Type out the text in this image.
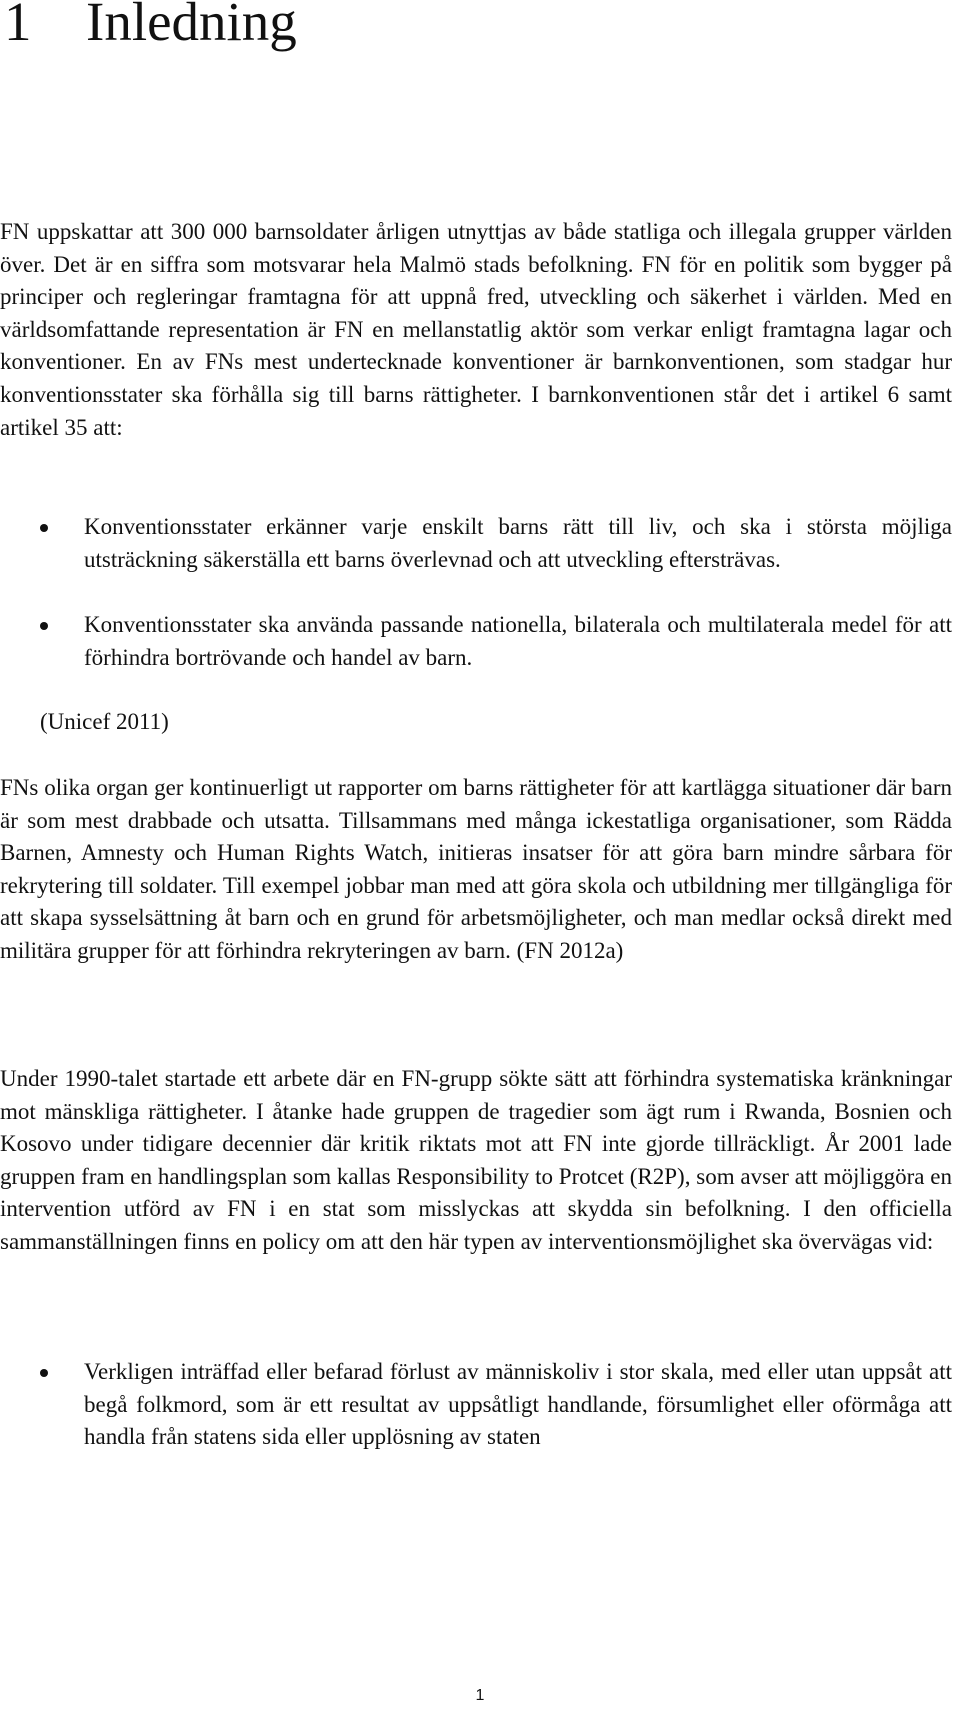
1 Inledning

FN uppskattar att 300 000 barnsoldater årligen utnyttjas av både statliga och illegala grupper världen över. Det är en siffra som motsvarar hela Malmö stads befolkning. FN för en politik som bygger på principer och regleringar framtagna för att uppnå fred, utveckling och säkerhet i världen. Med en världsomfattande representation är FN en mellanstatlig aktör som verkar enligt framtagna lagar och konventioner. En av FNs mest undertecknade konventioner är barnkonventionen, som stadgar hur konventionsstater ska förhålla sig till barns rättigheter. I barnkonventionen står det i artikel 6 samt artikel 35 att:

Konventionsstater erkänner varje enskilt barns rätt till liv, och ska i största möjliga utsträckning säkerställa ett barns överlevnad och att utveckling eftersträvas.
Konventionsstater ska använda passande nationella, bilaterala och multilaterala medel för att förhindra bortrövande och handel av barn.
(Unicef 2011)

FNs olika organ ger kontinuerligt ut rapporter om barns rättigheter för att kartlägga situationer där barn är som mest drabbade och utsatta. Tillsammans med många ickestatliga organisationer, som Rädda Barnen, Amnesty och Human Rights Watch, initieras insatser för att göra barn mindre sårbara för rekrytering till soldater. Till exempel jobbar man med att göra skola och utbildning mer tillgängliga för att skapa sysselsättning åt barn och en grund för arbetsmöjligheter, och man medlar också direkt med militära grupper för att förhindra rekryteringen av barn. (FN 2012a)

Under 1990-talet startade ett arbete där en FN-grupp sökte sätt att förhindra systematiska kränkningar mot mänskliga rättigheter. I åtanke hade gruppen de tragedier som ägt rum i Rwanda, Bosnien och Kosovo under tidigare decennier där kritik riktats mot att FN inte gjorde tillräckligt. År 2001 lade gruppen fram en handlingsplan som kallas Responsibility to Protcet (R2P), som avser att möjliggöra en intervention utförd av FN i en stat som misslyckas att skydda sin befolkning. I den officiella sammanställningen finns en policy om att den här typen av interventionsmöjlighet ska övervägas vid:

Verkligen inträffad eller befarad förlust av människoliv i stor skala, med eller utan uppsåt att begå folkmord, som är ett resultat av uppsåtligt handlande, försumlighet eller oförmåga att handla från statens sida eller upplösning av staten
1
